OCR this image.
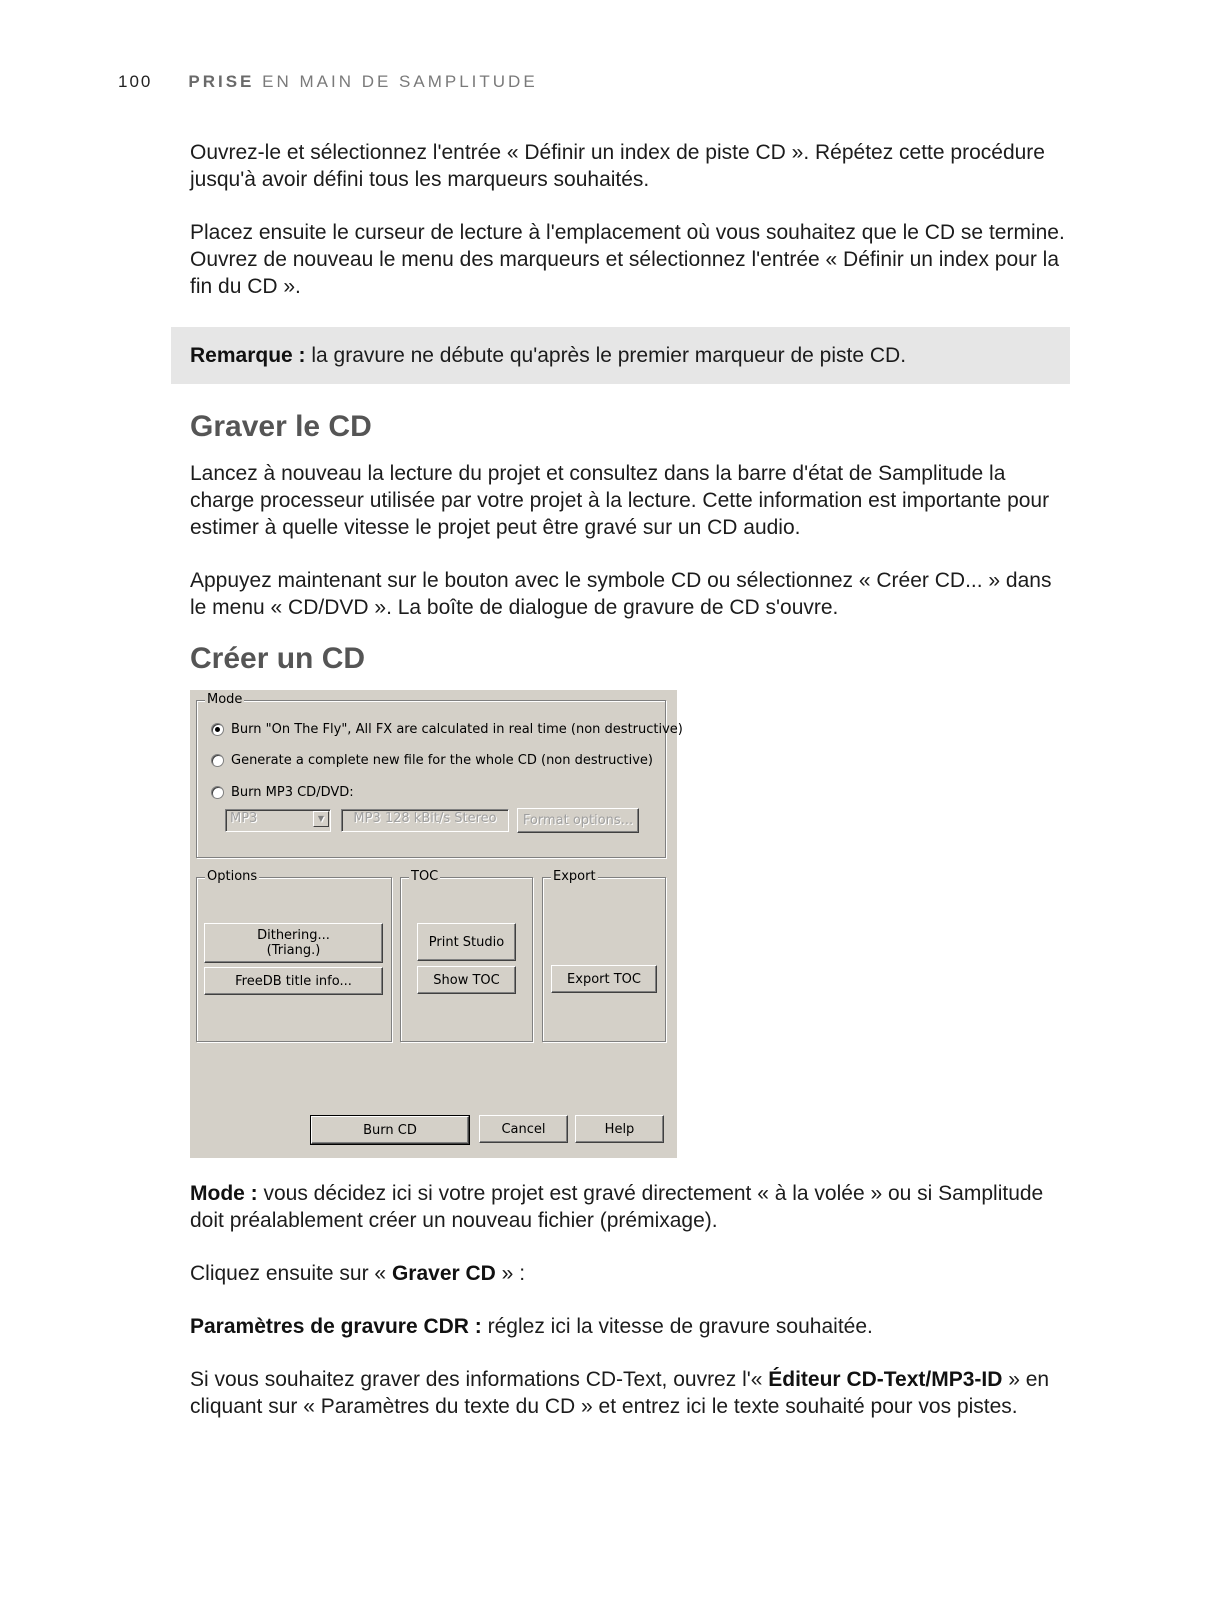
100 PRISE EN MAIN DE SAMPLITUDE

Ouvrez-le et sélectionnez l'entrée « Définir un index de piste CD ». Répétez cette procédure jusqu'à avoir défini tous les marqueurs souhaités.

Placez ensuite le curseur de lecture à l'emplacement où vous souhaitez que le CD se termine. Ouvrez de nouveau le menu des marqueurs et sélectionnez l'entrée « Définir un index pour la fin du CD ».

Remarque : la gravure ne débute qu'après le premier marqueur de piste CD.

Graver le CD

Lancez à nouveau la lecture du projet et consultez dans la barre d'état de Samplitude la charge processeur utilisée par votre projet à la lecture. Cette information est importante pour estimer à quelle vitesse le projet peut être gravé sur un CD audio.

Appuyez maintenant sur le bouton avec le symbole CD ou sélectionnez « Créer CD... » dans le menu « CD/DVD ». La boîte de dialogue de gravure de CD s'ouvre.

Créer un CD
Mode
Burn "On The Fly", All FX are calculated in real time (non destructive)
Generate a complete new file for the whole CD (non destructive)
Burn MP3 CD/DVD:
MP3	▼	MP3 128 kBit/s Stereo	Format options...
Options
Dithering...
(Triang.)
FreeDB title info...
TOC
Print Studio
Show TOC
Export
Export TOC
Burn CD	Cancel	Help

Mode : vous décidez ici si votre projet est gravé directement « à la volée » ou si Samplitude doit préalablement créer un nouveau fichier (prémixage).

Cliquez ensuite sur « Graver CD » :

Paramètres de gravure CDR : réglez ici la vitesse de gravure souhaitée.

Si vous souhaitez graver des informations CD-Text, ouvrez l'« Éditeur CD-Text/MP3-ID » en cliquant sur « Paramètres du texte du CD » et entrez ici le texte souhaité pour vos pistes.
